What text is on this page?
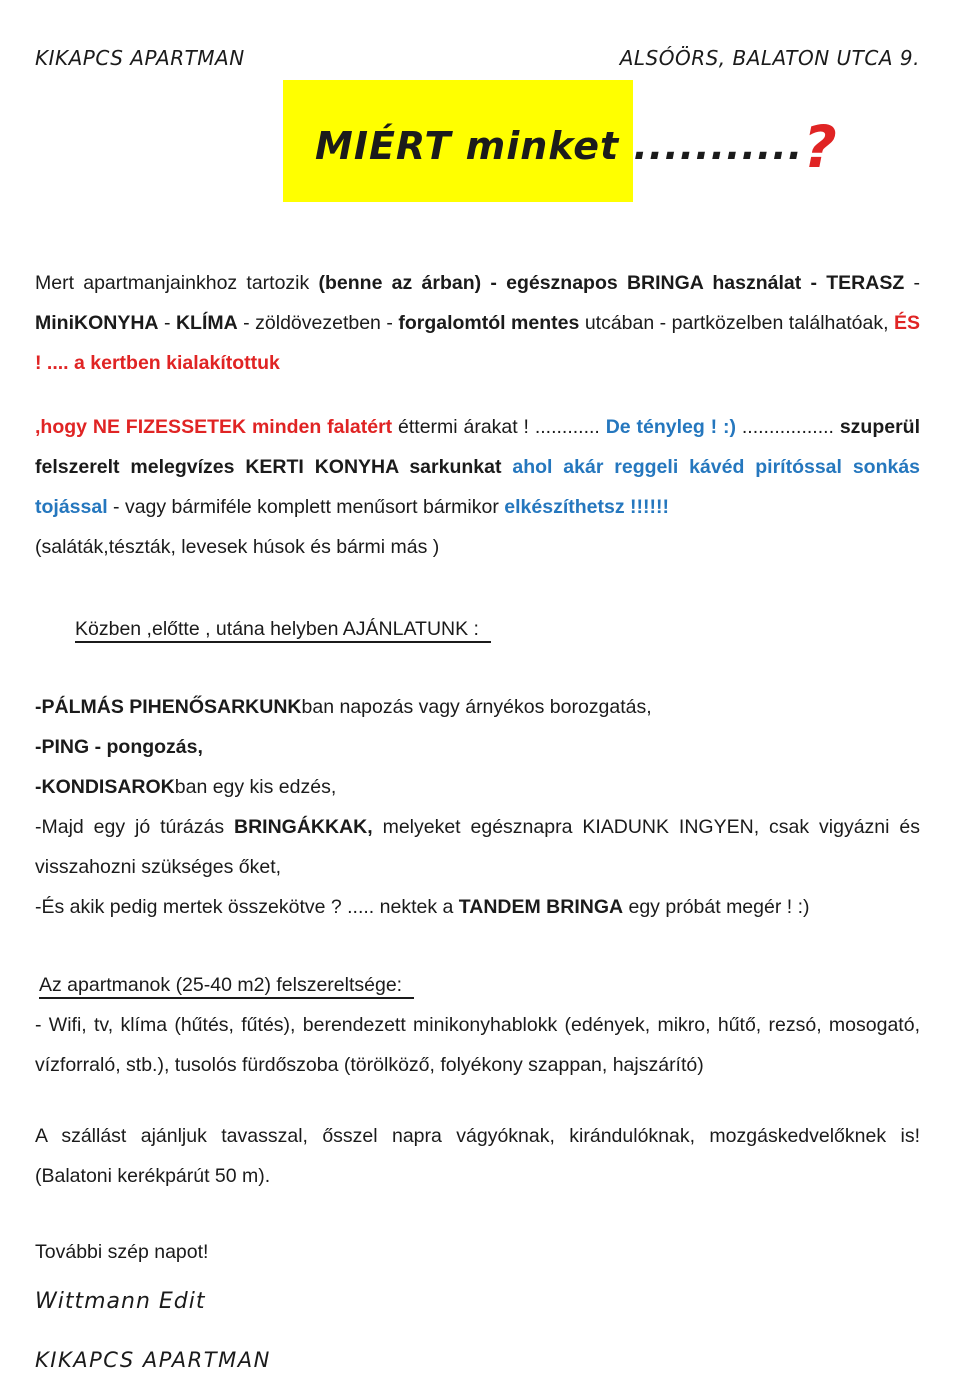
KIKAPCS APARTMAN	ALSÓÖRS, BALATON UTCA 9.
MIÉRT minket ...........?

Mert apartmanjainkhoz tartozik (benne az árban) - egésznapos BRINGA használat - TERASZ - MiniKONYHA - KLÍMA - zöldövezetben - forgalomtól mentes utcában - partközelben találhatóak, ÉS ! .... a kertben kialakítottuk

,hogy NE FIZESSETEK minden falatért éttermi árakat ! ............ De tényleg ! :) ................. szuperül felszerelt melegvízes KERTI KONYHA sarkunkat ahol akár reggeli kávéd pirítóssal sonkás tojással - vagy bármiféle komplett menűsort bármikor elkészíthetsz !!!!!!

(saláták,tészták, levesek húsok és bármi más )

Közben ,előtte , utána helyben AJÁNLATUNK :

-PÁLMÁS PIHENŐSARKUNKban napozás vagy árnyékos borozgatás,

-PING - pongozás,

-KONDISAROKban egy kis edzés,

-Majd egy jó túrázás BRINGÁKKAK, melyeket egésznapra KIADUNK INGYEN, csak vigyázni és visszahozni szükséges őket,

-És akik pedig mertek összekötve ? ..... nektek a TANDEM BRINGA egy próbát megér ! :)

Az apartmanok (25-40 m2) felszereltsége:

- Wifi, tv, klíma (hűtés, fűtés), berendezett minikonyhablokk (edények, mikro, hűtő, rezsó, mosogató, vízforraló, stb.), tusolós fürdőszoba (törölköző, folyékony szappan, hajszárító)

A szállást ajánljuk tavasszal, ősszel napra vágyóknak, kirándulóknak, mozgáskedvelőknek is! (Balatoni kerékpárút 50 m).

További szép napot!

Wittmann Edit

KIKAPCS APARTMAN
